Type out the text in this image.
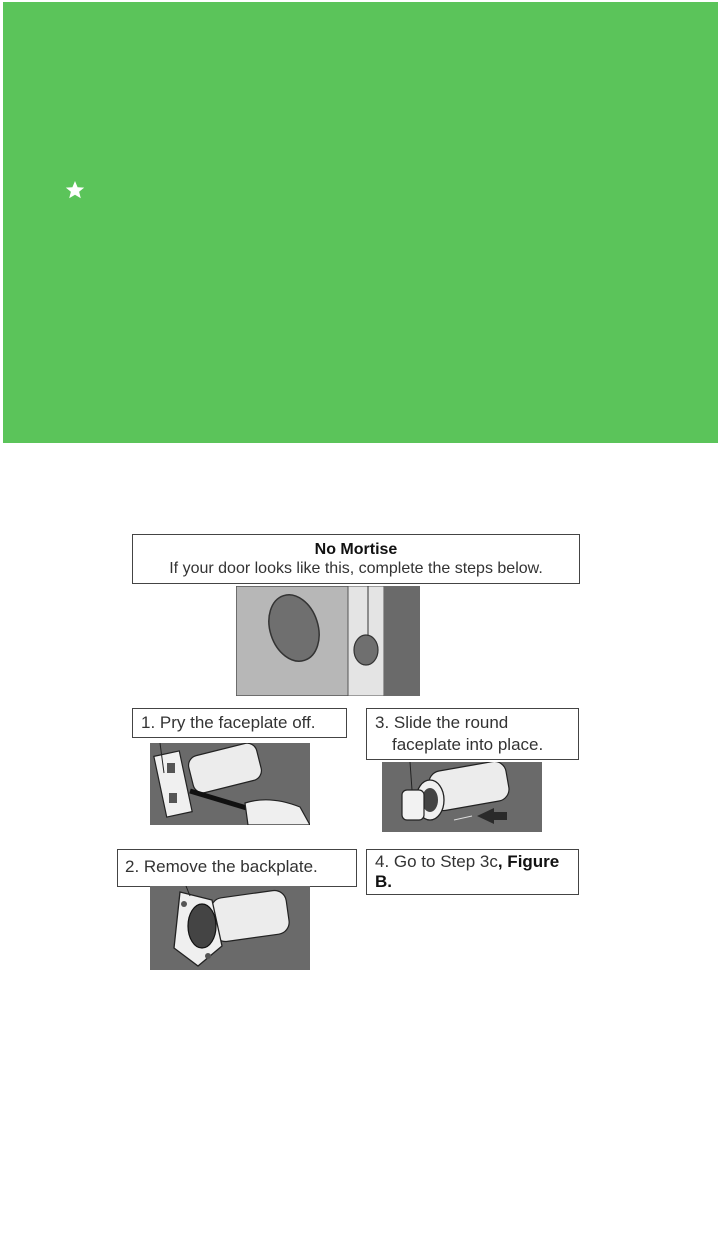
No Mortise
If your door looks like this, complete the steps below.
1. Pry the faceplate off.	3. Slide the round
faceplate into place.
2. Remove the backplate.	4. Go to Step 3c, Figure B.
